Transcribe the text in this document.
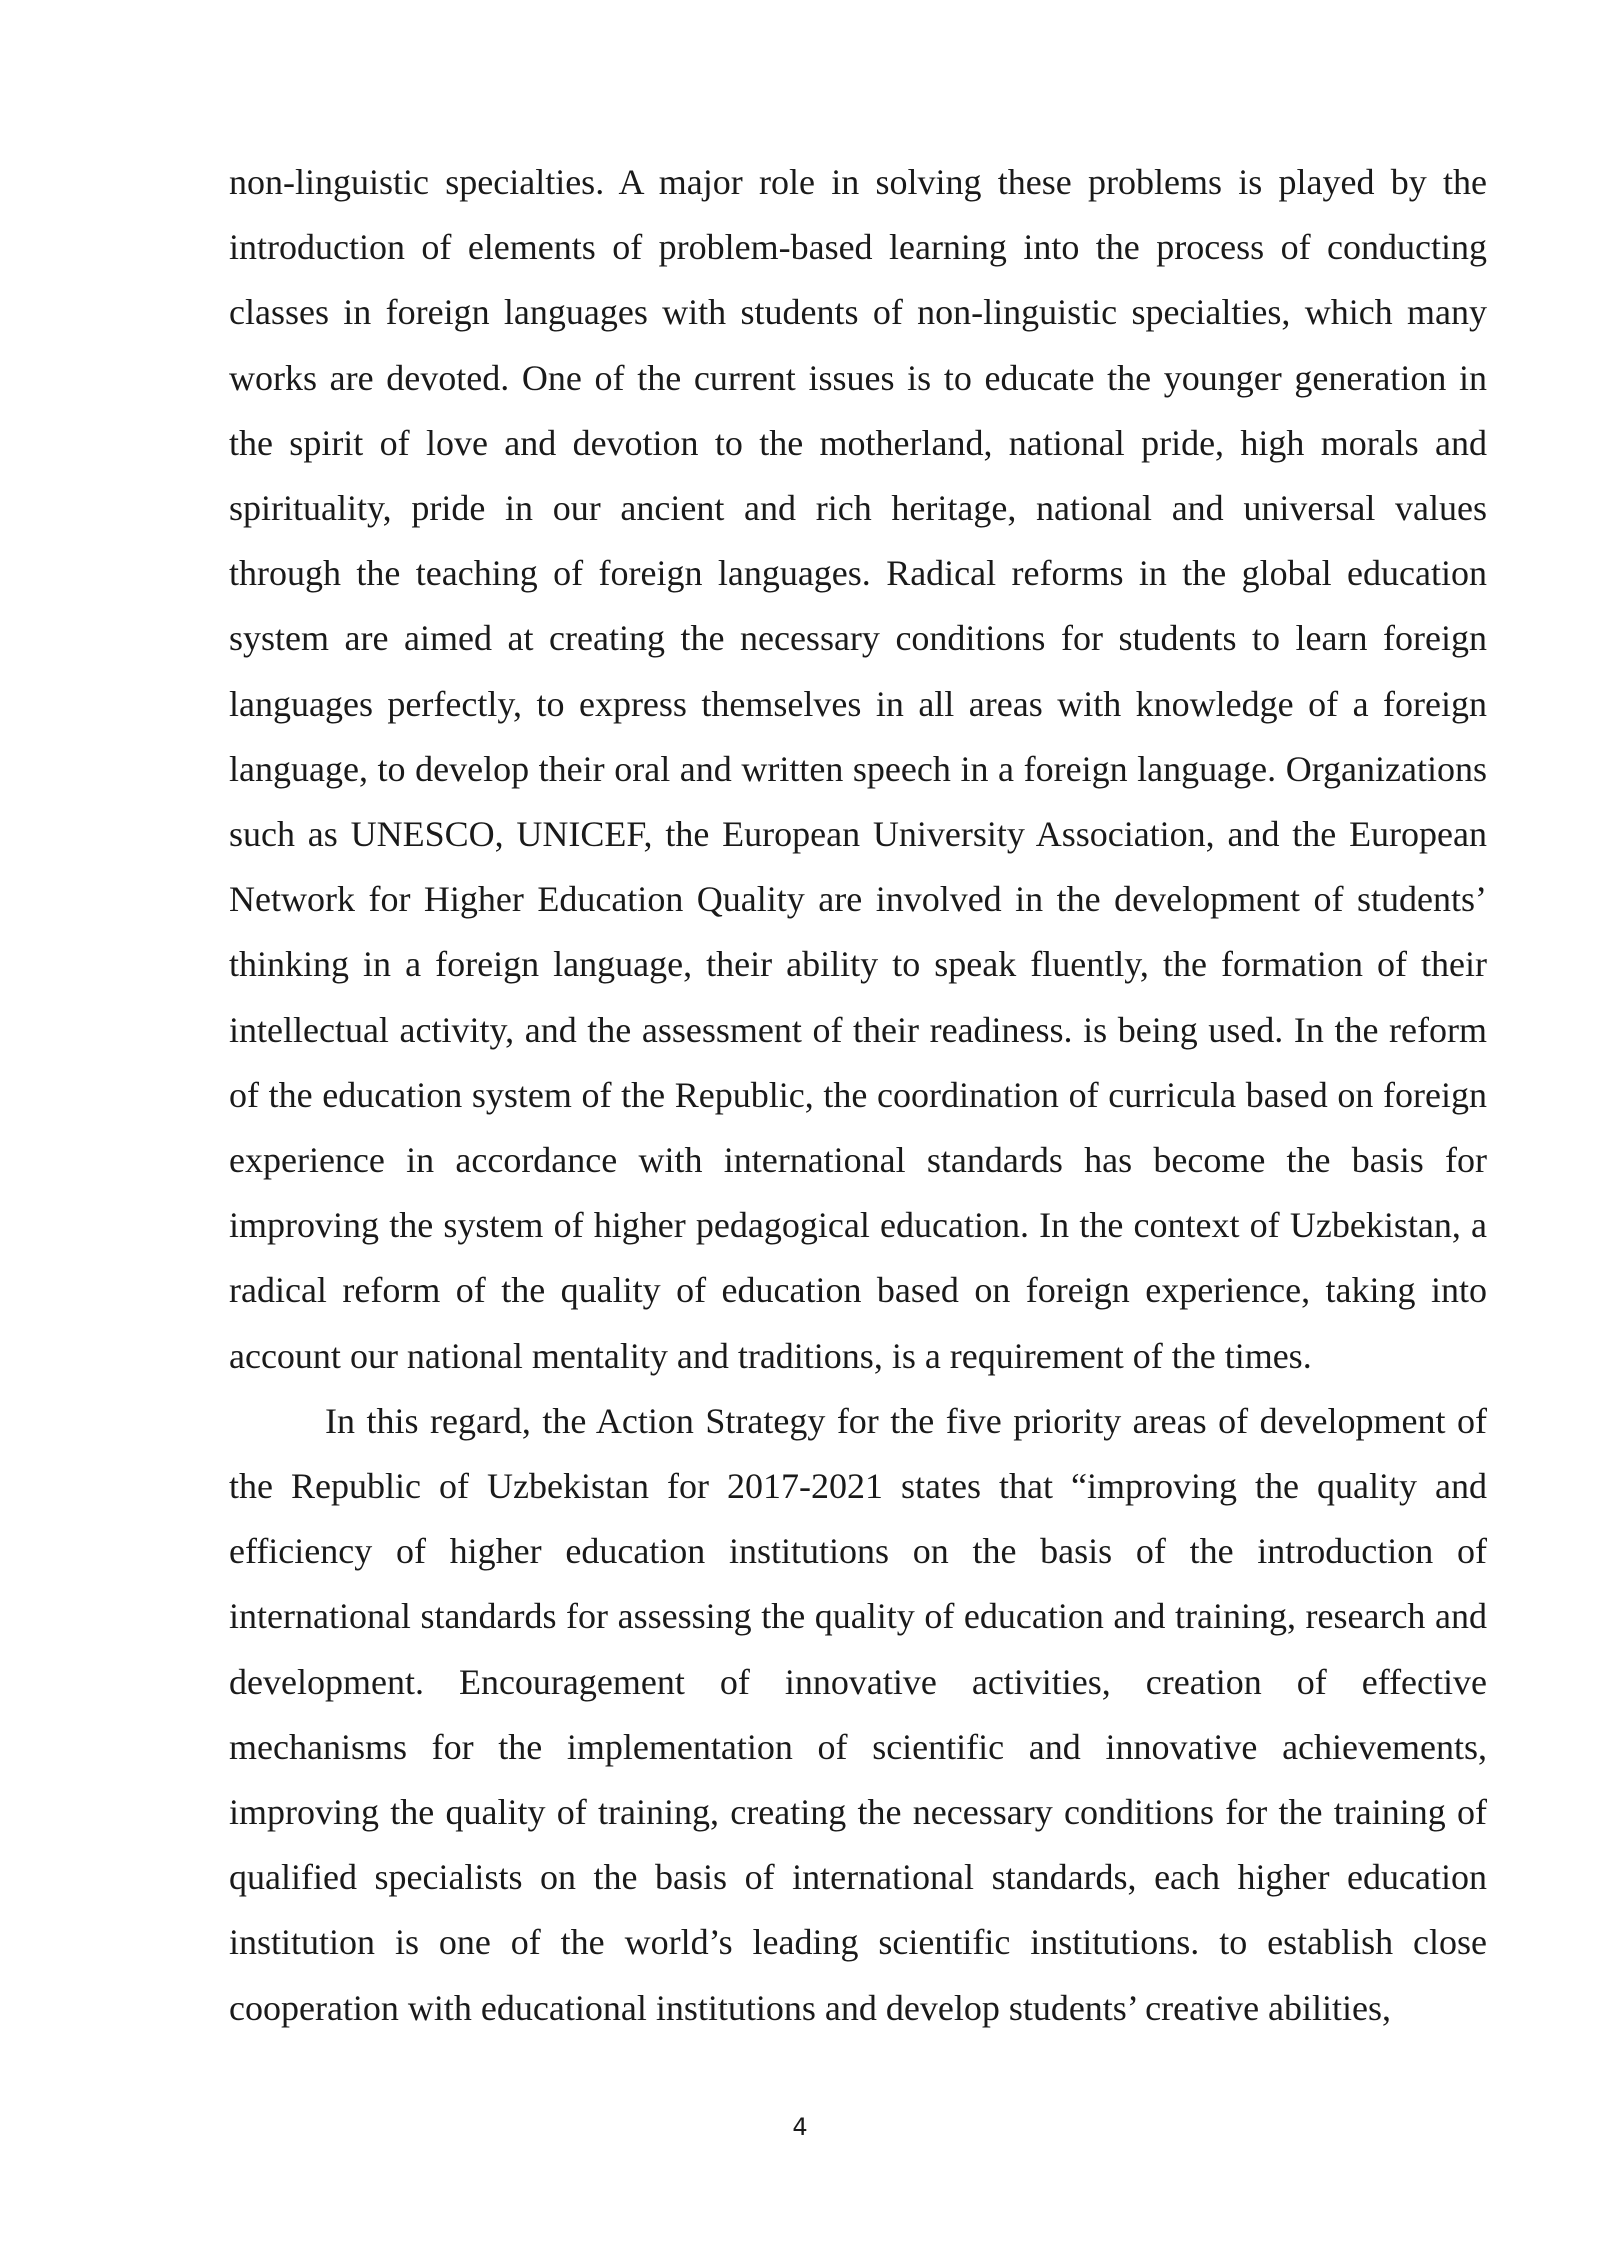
non-linguistic specialties. A major role in solving these problems is played by the introduction of elements of problem-based learning into the process of conducting classes in foreign languages with students of non-linguistic specialties, which many works are devoted. One of the current issues is to educate the younger generation in the spirit of love and devotion to the motherland, national pride, high morals and spirituality, pride in our ancient and rich heritage, national and universal values through the teaching of foreign languages. Radical reforms in the global education system are aimed at creating the necessary conditions for students to learn foreign languages perfectly, to express themselves in all areas with knowledge of a foreign language, to develop their oral and written speech in a foreign language. Organizations such as UNESCO, UNICEF, the European University Association, and the European Network for Higher Education Quality are involved in the development of students’ thinking in a foreign language, their ability to speak fluently, the formation of their intellectual activity, and the assessment of their readiness. is being used. In the reform of the education system of the Republic, the coordination of curricula based on foreign experience in accordance with international standards has become the basis for improving the system of higher pedagogical education. In the context of Uzbekistan, a radical reform of the quality of education based on foreign experience, taking into account our national mentality and traditions, is a requirement of the times.

In this regard, the Action Strategy for the five priority areas of development of the Republic of Uzbekistan for 2017-2021 states that “improving the quality and efficiency of higher education institutions on the basis of the introduction of international standards for assessing the quality of education and training, research and development. Encouragement of innovative activities, creation of effective mechanisms for the implementation of scientific and innovative achievements, improving the quality of training, creating the necessary conditions for the training of qualified specialists on the basis of international standards, each higher education institution is one of the world’s leading scientific institutions. to establish close cooperation with educational institutions and develop students’ creative abilities,

4
